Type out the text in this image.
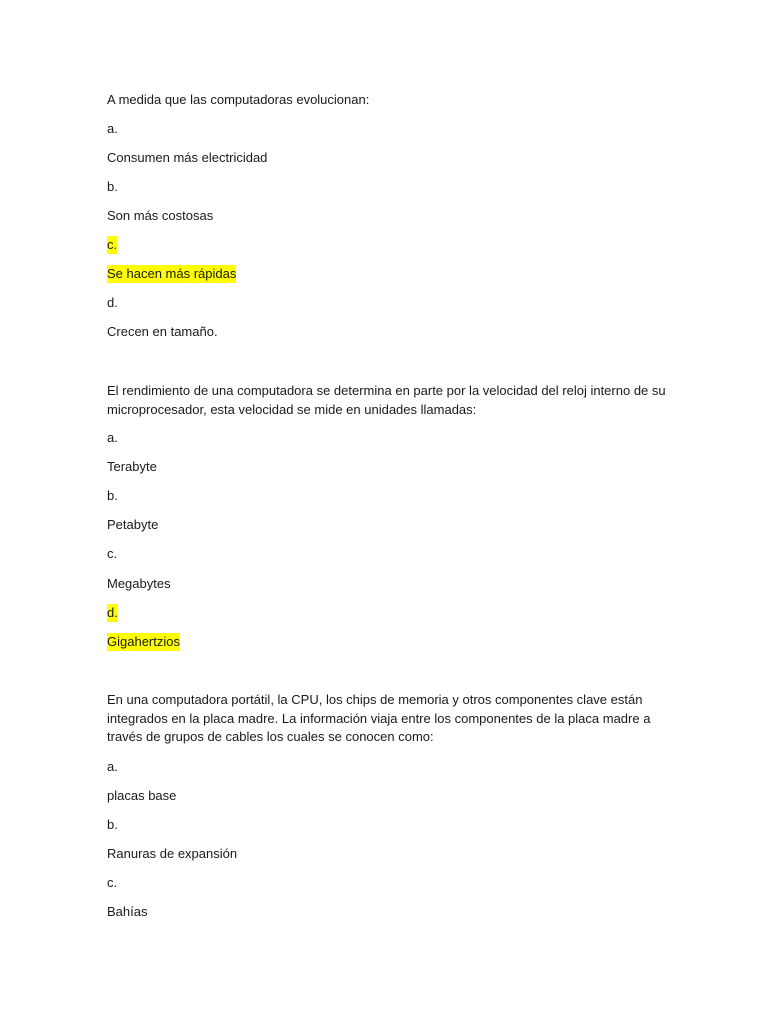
A medida que las computadoras evolucionan:
a.
Consumen más electricidad
b.
Son más costosas
c.
Se hacen más rápidas
d.
Crecen en tamaño.
El rendimiento de una computadora se determina en parte por la velocidad del reloj interno de su microprocesador, esta velocidad se mide en unidades llamadas:
a.
Terabyte
b.
Petabyte
c.
Megabytes
d.
Gigahertzios
En una computadora portátil, la CPU, los chips de memoria y otros componentes clave están integrados en la placa madre. La información viaja entre los componentes de la placa madre a través de grupos de cables los cuales se conocen como:
a.
placas base
b.
Ranuras de expansión
c.
Bahías
